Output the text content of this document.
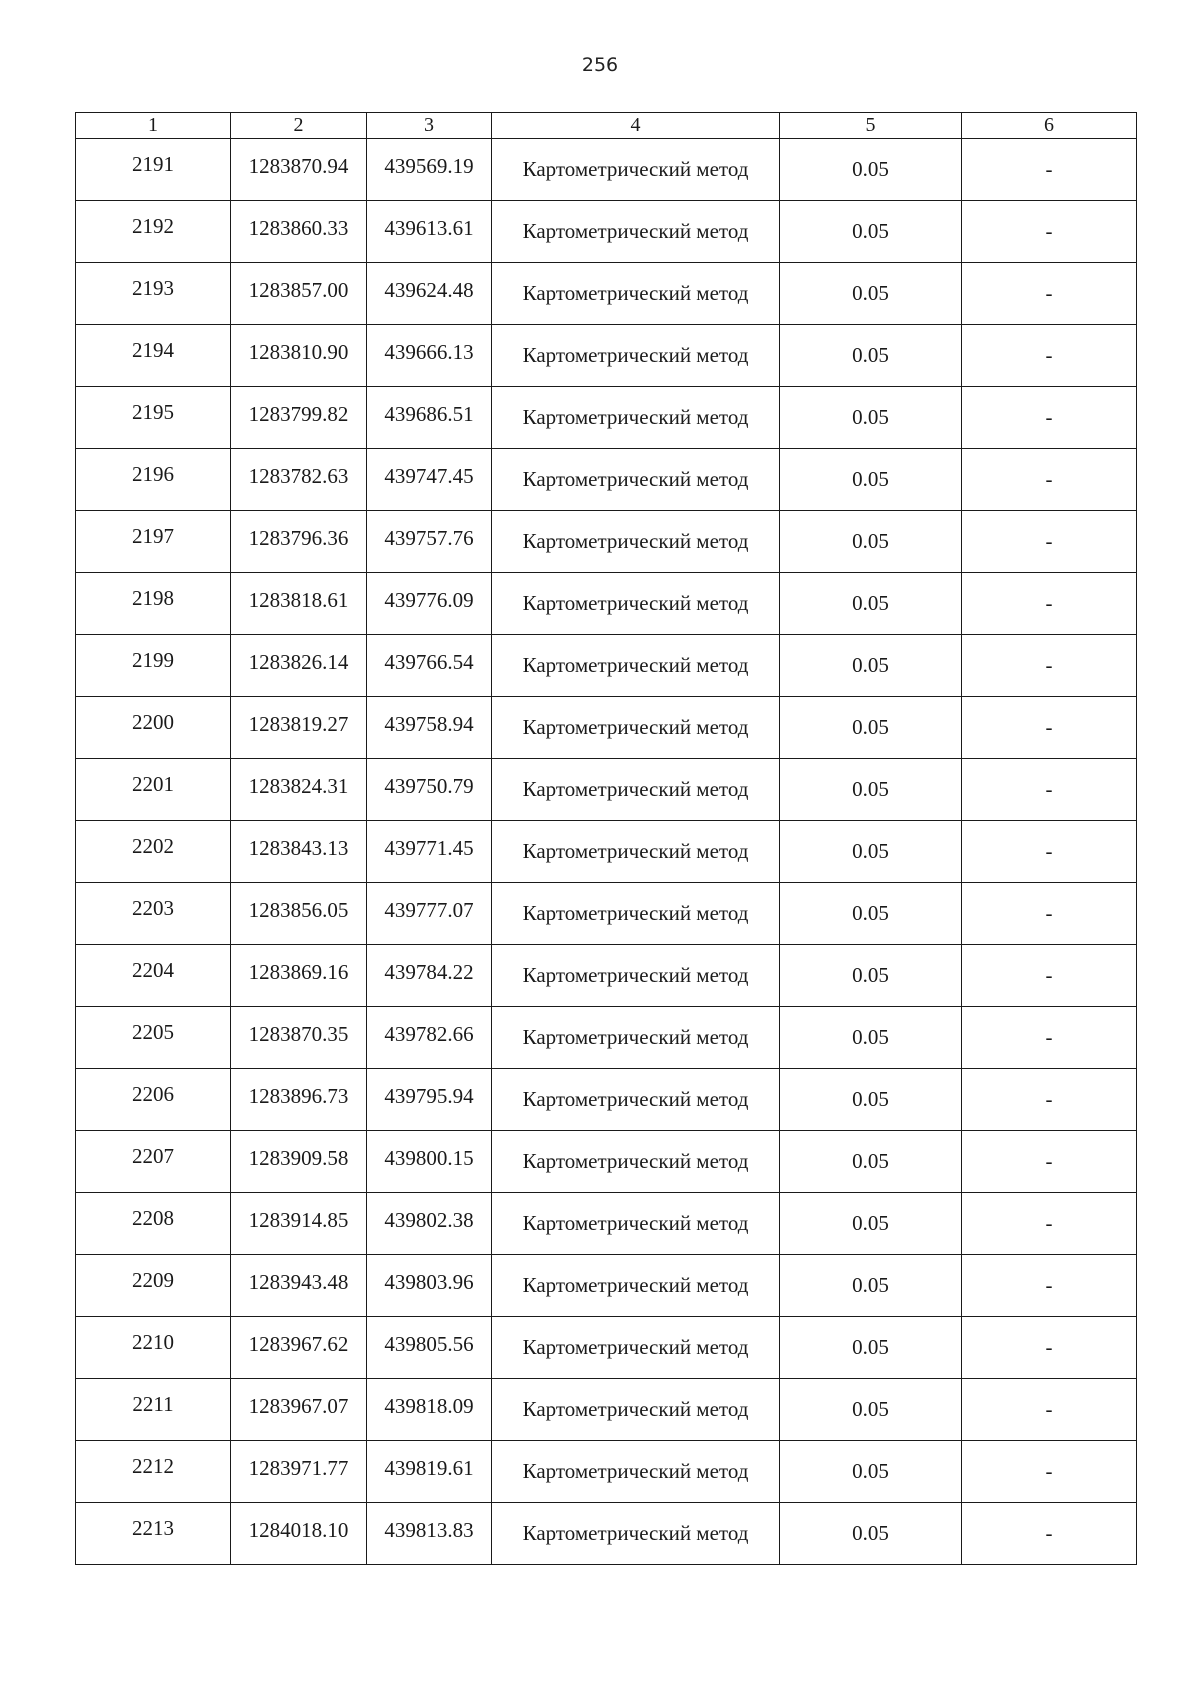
256
1	2	3	4	5	6

2191	1283870.94	439569.19	Картометрический метод	0.05	-

2192	1283860.33	439613.61	Картометрический метод	0.05	-

2193	1283857.00	439624.48	Картометрический метод	0.05	-

2194	1283810.90	439666.13	Картометрический метод	0.05	-

2195	1283799.82	439686.51	Картометрический метод	0.05	-

2196	1283782.63	439747.45	Картометрический метод	0.05	-

2197	1283796.36	439757.76	Картометрический метод	0.05	-

2198	1283818.61	439776.09	Картометрический метод	0.05	-

2199	1283826.14	439766.54	Картометрический метод	0.05	-

2200	1283819.27	439758.94	Картометрический метод	0.05	-

2201	1283824.31	439750.79	Картометрический метод	0.05	-

2202	1283843.13	439771.45	Картометрический метод	0.05	-

2203	1283856.05	439777.07	Картометрический метод	0.05	-

2204	1283869.16	439784.22	Картометрический метод	0.05	-

2205	1283870.35	439782.66	Картометрический метод	0.05	-

2206	1283896.73	439795.94	Картометрический метод	0.05	-

2207	1283909.58	439800.15	Картометрический метод	0.05	-

2208	1283914.85	439802.38	Картометрический метод	0.05	-

2209	1283943.48	439803.96	Картометрический метод	0.05	-

2210	1283967.62	439805.56	Картометрический метод	0.05	-

2211	1283967.07	439818.09	Картометрический метод	0.05	-

2212	1283971.77	439819.61	Картометрический метод	0.05	-

2213	1284018.10	439813.83	Картометрический метод	0.05	-
